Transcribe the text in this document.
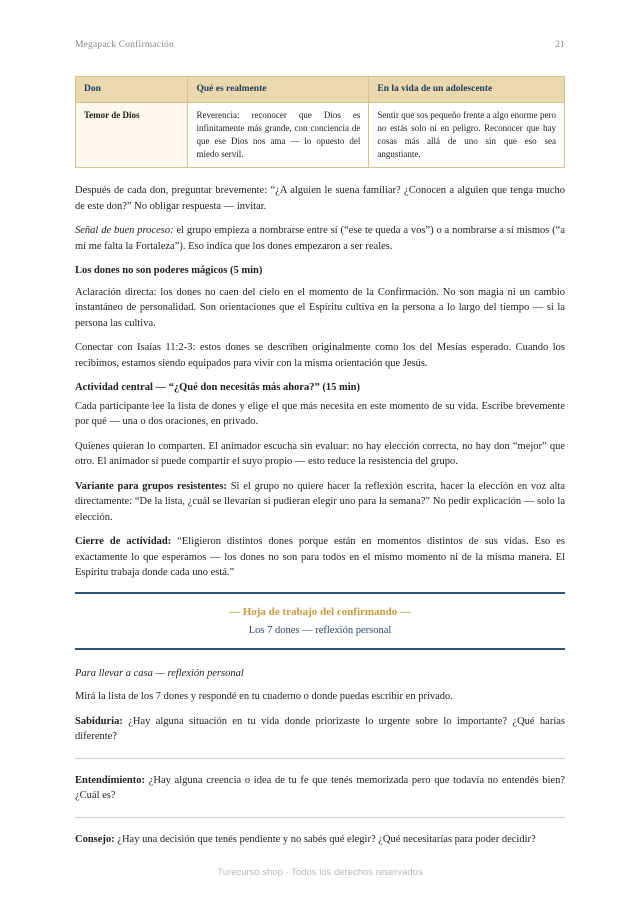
Megapack Confirmación	21
Don	Qué es realmente	En la vida de un adolescente
Temor de Dios	Reverencia: reconocer que Dios es infinitamente más grande, con conciencia de que ese Dios nos ama — lo opuesto del miedo servil.	Sentir que sos pequeño frente a algo enorme pero no estás solo ni en peligro. Reconocer que hay cosas más allá de uno sin que eso sea angustiante.

Después de cada don, preguntar brevemente: “¿A alguien le suena familiar? ¿Conocen a alguien que tenga mucho de este don?” No obligar respuesta — invitar.

Señal de buen proceso: el grupo empieza a nombrarse entre sí (“ese te queda a vos”) o a nombrarse a sí mismos (“a mí me falta la Fortaleza”). Eso indica que los dones empezaron a ser reales.

Los dones no son poderes mágicos (5 min)

Aclaración directa: los dones no caen del cielo en el momento de la Confirmación. No son magia ni un cambio instantáneo de personalidad. Son orientaciones que el Espíritu cultiva en la persona a lo largo del tiempo — si la persona las cultiva.

Conectar con Isaías 11:2-3: estos dones se describen originalmente como los del Mesías esperado. Cuando los recibimos, estamos siendo equipados para vivir con la misma orientación que Jesús.

Actividad central — “¿Qué don necesitás más ahora?” (15 min)

Cada participante lee la lista de dones y elige el que más necesita en este momento de su vida. Escribe brevemente por qué — una o dos oraciones, en privado.

Quienes quieran lo comparten. El animador escucha sin evaluar: no hay elección correcta, no hay don “mejor” que otro. El animador sí puede compartir el suyo propio — esto reduce la resistencia del grupo.

Variante para grupos resistentes: Si el grupo no quiere hacer la reflexión escrita, hacer la elección en voz alta directamente: “De la lista, ¿cuál se llevarían si pudieran elegir uno para la semana?” No pedir explicación — solo la elección.

Cierre de actividad: “Eligieron distintos dones porque están en momentos distintos de sus vidas. Eso es exactamente lo que esperamos — los dones no son para todos en el mismo momento ni de la misma manera. El Espíritu trabaja donde cada uno está.”

— Hoja de trabajo del confirmando —
Los 7 dones — reflexión personal

Para llevar a casa — reflexión personal

Mirá la lista de los 7 dones y respondé en tu cuaderno o donde puedas escribir en privado.

Sabiduría: ¿Hay alguna situación en tu vida donde priorizaste lo urgente sobre lo importante? ¿Qué harías diferente?

Entendimiento: ¿Hay alguna creencia o idea de tu fe que tenés memorizada pero que todavía no entendés bien? ¿Cuál es?

Consejo: ¿Hay una decisión que tenés pendiente y no sabés qué elegir? ¿Qué necesitarías para poder decidir?

Turecurso.shop · Todos los derechos reservados
